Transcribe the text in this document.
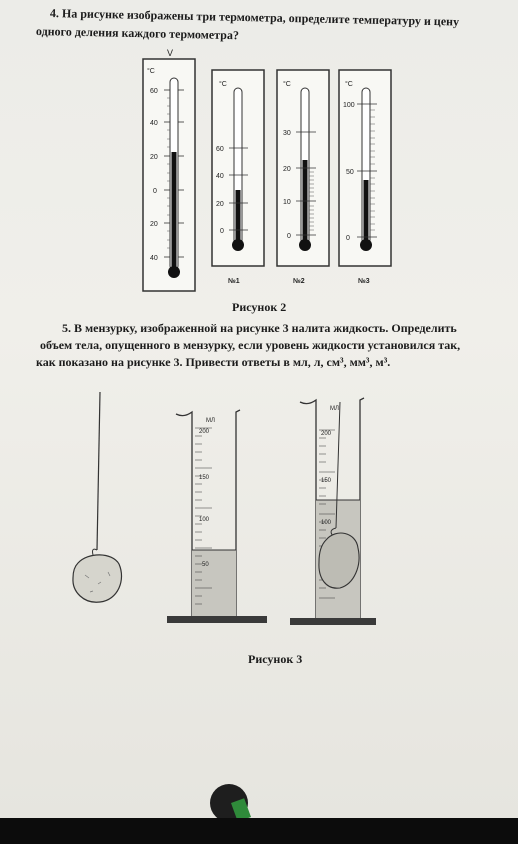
4. На рисунке изображены три термометра, определите температуру и цену
одного деления каждого термометра?
V
°C
60
40
20
0
20
40
°C
60
40
20
0
№1
°C
30
20
10
0
№2
°C
100
50
0
№3
Рисунок 2
5. В мензурку, изображенной на рисунке 3 налита жидкость. Определить
объем тела, опущенного в мензурку, если уровень жидкости установился так,
как показано на рисунке 3. Привести ответы в мл, л, см³, мм³, м³.
МЛ
200
150
100
50
МЛ
200
150
100
Рисунок 3
